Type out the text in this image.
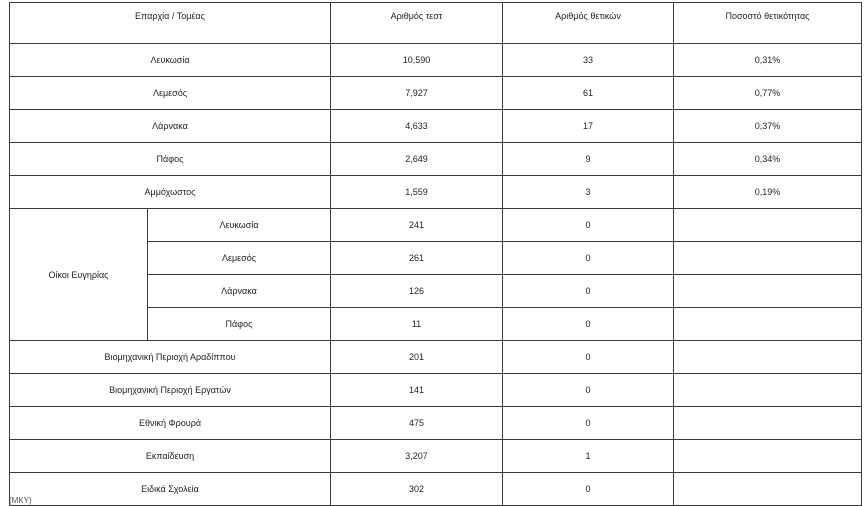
Επαρχία / Τομέας		Αριθμός τεστ	Αριθμός θετικών	Ποσοστό θετικότητας
Λευκωσία		10,590	33	0,31%
Λεμεσός		7,927	61	0,77%
Λάρνακα		4,633	17	0,37%
Πάφος		2,649	9	0,34%
Αμμόχωστος		1,559	3	0,19%
Οίκοι Ευγηρίας	Λευκωσία	241	0	
	Λεμεσός	261	0	
	Λάρνακα	126	0	
	Πάφος	11	0	
Βιομηχανική Περιοχή Αραδίππου		201	0	
Βιομηχανική Περιοχή Εργατών		141	0	
Εθνική Φρουρά		475	0	
Εκπαίδευση		3,207	1	
Ειδικά Σχολεία		302	0	
(ΜΚΥ)
